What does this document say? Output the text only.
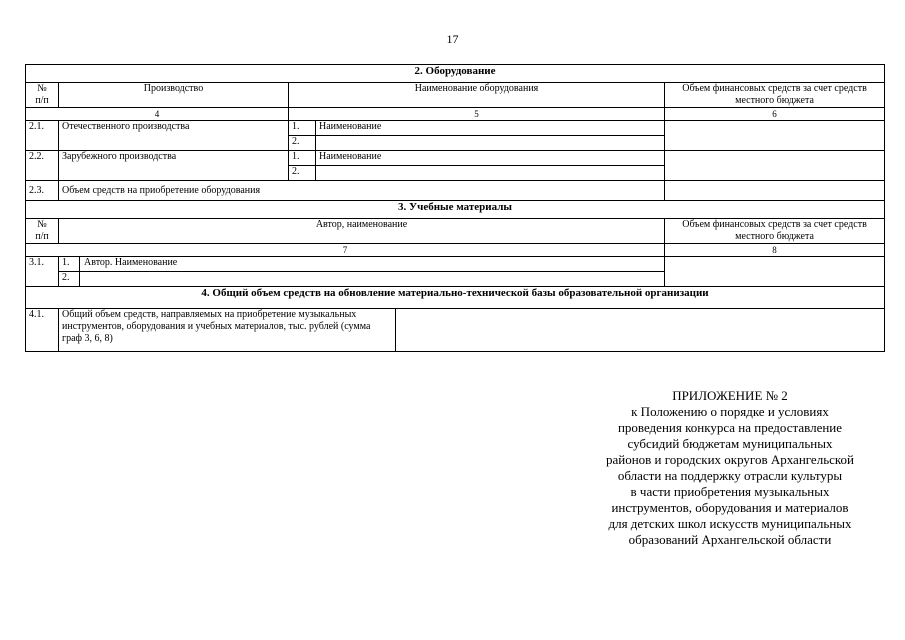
17
2. Оборудование					
№
п/п	Производство	Наименование оборудования			Объем финансовых средств за счет средств местного бюджета
4		5			6
2.1.	Отечественного производства	1.	Наименование		
		2.			
2.2.	Зарубежного производства	1.	Наименование		
		2.			
2.3.	Объем средств на приобретение оборудования				
3. Учебные материалы					
№
п/п	Автор, наименование				Объем финансовых средств за счет средств местного бюджета
7					8
3.1.	1. Автор. Наименование				
	2.				
4. Общий объем средств на обновление материально-технической базы образовательной организации					
4.1.	Общий объем средств, направляемых на приобретение музыкальных инструментов, оборудования и учебных материалов, тыс. рублей (сумма граф 3, 6, 8)				
ПРИЛОЖЕНИЕ № 2
к Положению о порядке и условиях
проведения конкурса на предоставление
субсидий бюджетам муниципальных
районов и городских округов Архангельской
области на поддержку отрасли культуры
в части приобретения музыкальных
инструментов, оборудования и материалов
для детских школ искусств муниципальных
образований Архангельской области
